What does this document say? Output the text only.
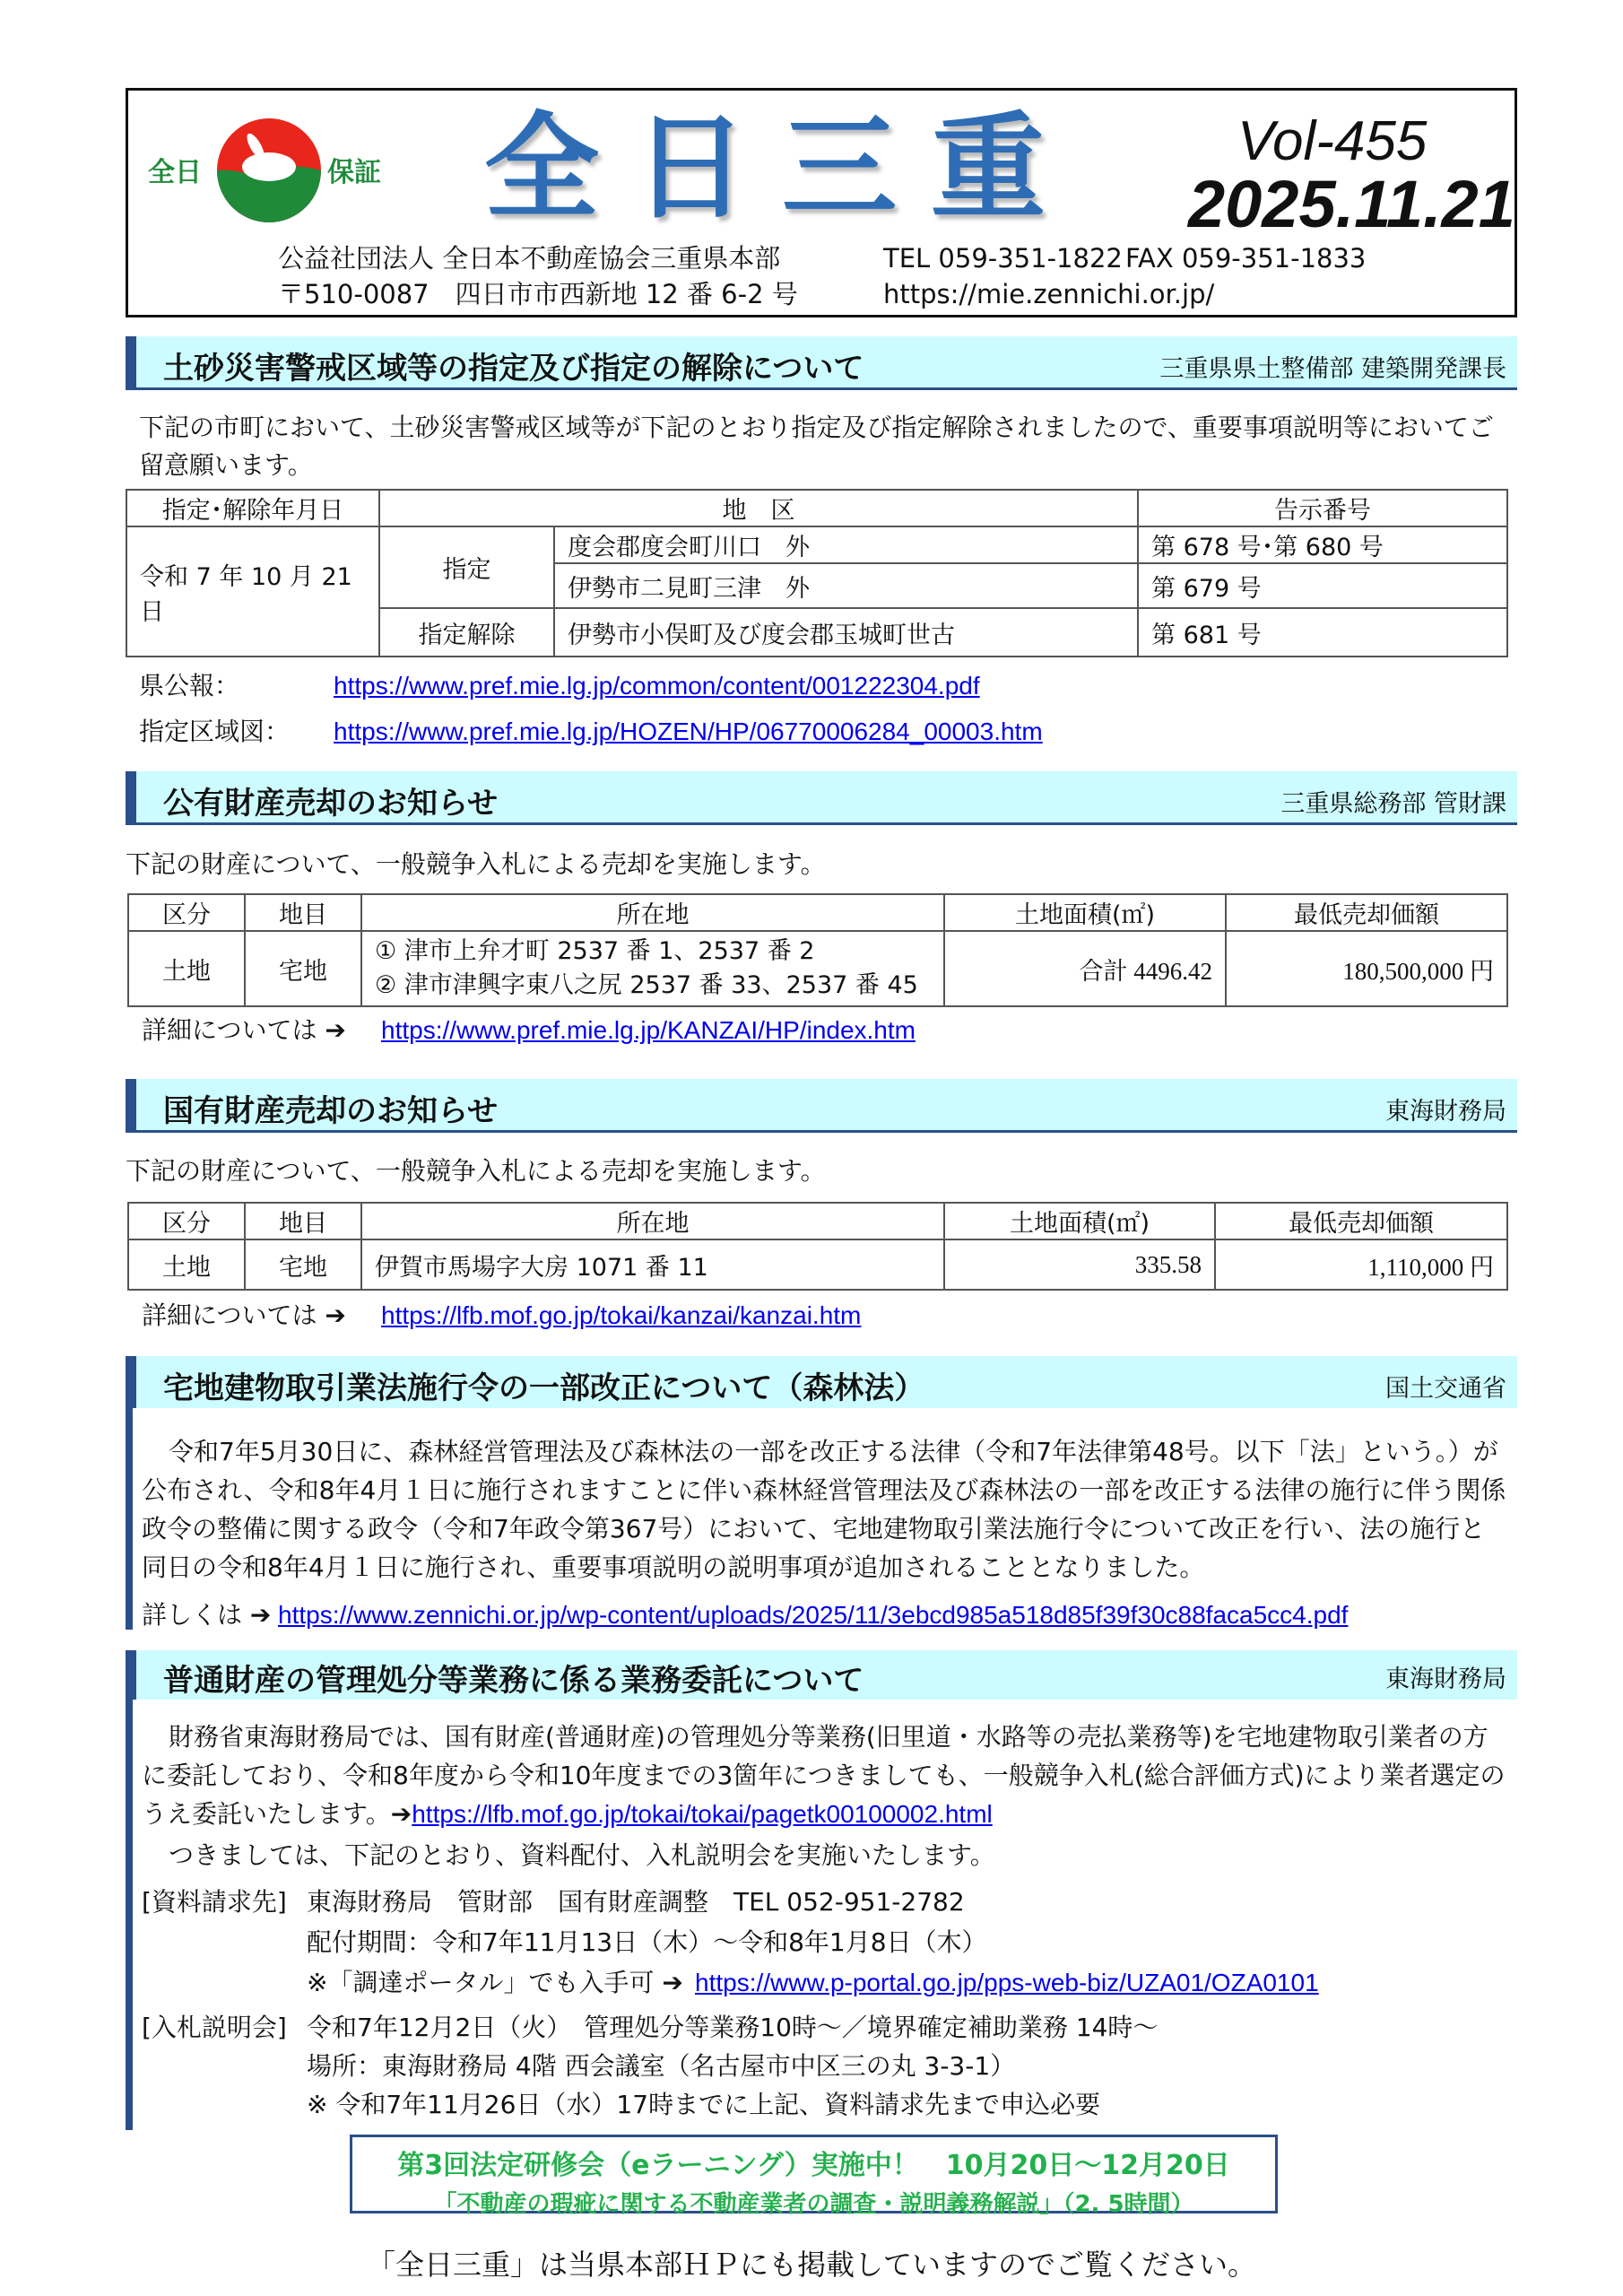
全日	保証 全日三重	Vol-455
2025.11.21
公益社団法人 全日本不動産協会三重県本部
〒510-0087　四日市市西新地 12 番 6-2 号
TEL 059-351-1822 FAX 059-351-1833
https://mie.zennichi.or.jp/
土砂災害警戒区域等の指定及び指定の解除について	三重県県土整備部 建築開発課長
下記の市町において、土砂災害警戒区域等が下記のとおり指定及び指定解除されましたので、重要事項説明等においてご留意願います。
指定･解除年月日	地　区		告示番号
令和 7 年 10 月 21 日	指定	度会郡度会町川口　外	第 678 号･第 680 号
		伊勢市二見町三津　外	第 679 号
	指定解除	伊勢市小俣町及び度会郡玉城町世古	第 681 号
県公報：	https://www.pref.mie.lg.jp/common/content/001222304.pdf
指定区域図： https://www.pref.mie.lg.jp/HOZEN/HP/06770006284_00003.htm
公有財産売却のお知らせ	三重県総務部 管財課
下記の財産について、一般競争入札による売却を実施します。
区分	地目	所在地	土地面積(㎡)	最低売却価額
土地	宅地	① 津市上弁才町 2537 番 1、2537 番 2
② 津市津興字東八之尻 2537 番 33、2537 番 45	合計 4496.42	180,500,000 円
詳細については ➔ https://www.pref.mie.lg.jp/KANZAI/HP/index.htm
国有財産売却のお知らせ	東海財務局
下記の財産について、一般競争入札による売却を実施します。
区分	地目	所在地	土地面積(㎡)	最低売却価額
土地	宅地	伊賀市馬場字大房 1071 番 11	335.58	1,110,000 円
詳細については ➔ https://lfb.mof.go.jp/tokai/kanzai/kanzai.htm
宅地建物取引業法施行令の一部改正について（森林法）	国土交通省
令和7年5月30日に、森林経営管理法及び森林法の一部を改正する法律（令和7年法律第48号。以下「法」という。）が公布され、令和8年4月１日に施行されますことに伴い森林経営管理法及び森林法の一部を改正する法律の施行に伴う関係政令の整備に関する政令（令和7年政令第367号）において、宅地建物取引業法施行令について改正を行い、法の施行と同日の令和8年4月１日に施行され、重要事項説明の説明事項が追加されることとなりました。
詳しくは ➔ https://www.zennichi.or.jp/wp-content/uploads/2025/11/3ebcd985a518d85f39f30c88faca5cc4.pdf
普通財産の管理処分等業務に係る業務委託について	東海財務局
財務省東海財務局では、国有財産(普通財産)の管理処分等業務(旧里道・水路等の売払業務等)を宅地建物取引業者の方に委託しており、令和8年度から令和10年度までの3箇年につきましても、一般競争入札(総合評価方式)により業者選定のうえ委託いたします。➔https://lfb.mof.go.jp/tokai/tokai/pagetk00100002.html
つきましては、下記のとおり、資料配付、入札説明会を実施いたします。
[資料請求先] 東海財務局　管財部　国有財産調整　TEL 052-951-2782
配付期間：令和7年11月13日（木）～令和8年1月8日（木）
※「調達ポータル」でも入手可 ➔ https://www.p-portal.go.jp/pps-web-biz/UZA01/OZA0101
[入札説明会] 令和7年12月2日（火）　管理処分等業務10時～／境界確定補助業務 14時～
場所：東海財務局 4階 西会議室（名古屋市中区三の丸 3-3-1）
※ 令和7年11月26日（水）17時までに上記、資料請求先まで申込必要
第3回法定研修会（eラーニング）実施中！　10月20日～12月20日
「不動産の瑕疵に関する不動産業者の調査・説明義務解説」（2. 5時間）
「全日三重」は当県本部ＨＰにも掲載していますのでご覧ください。
